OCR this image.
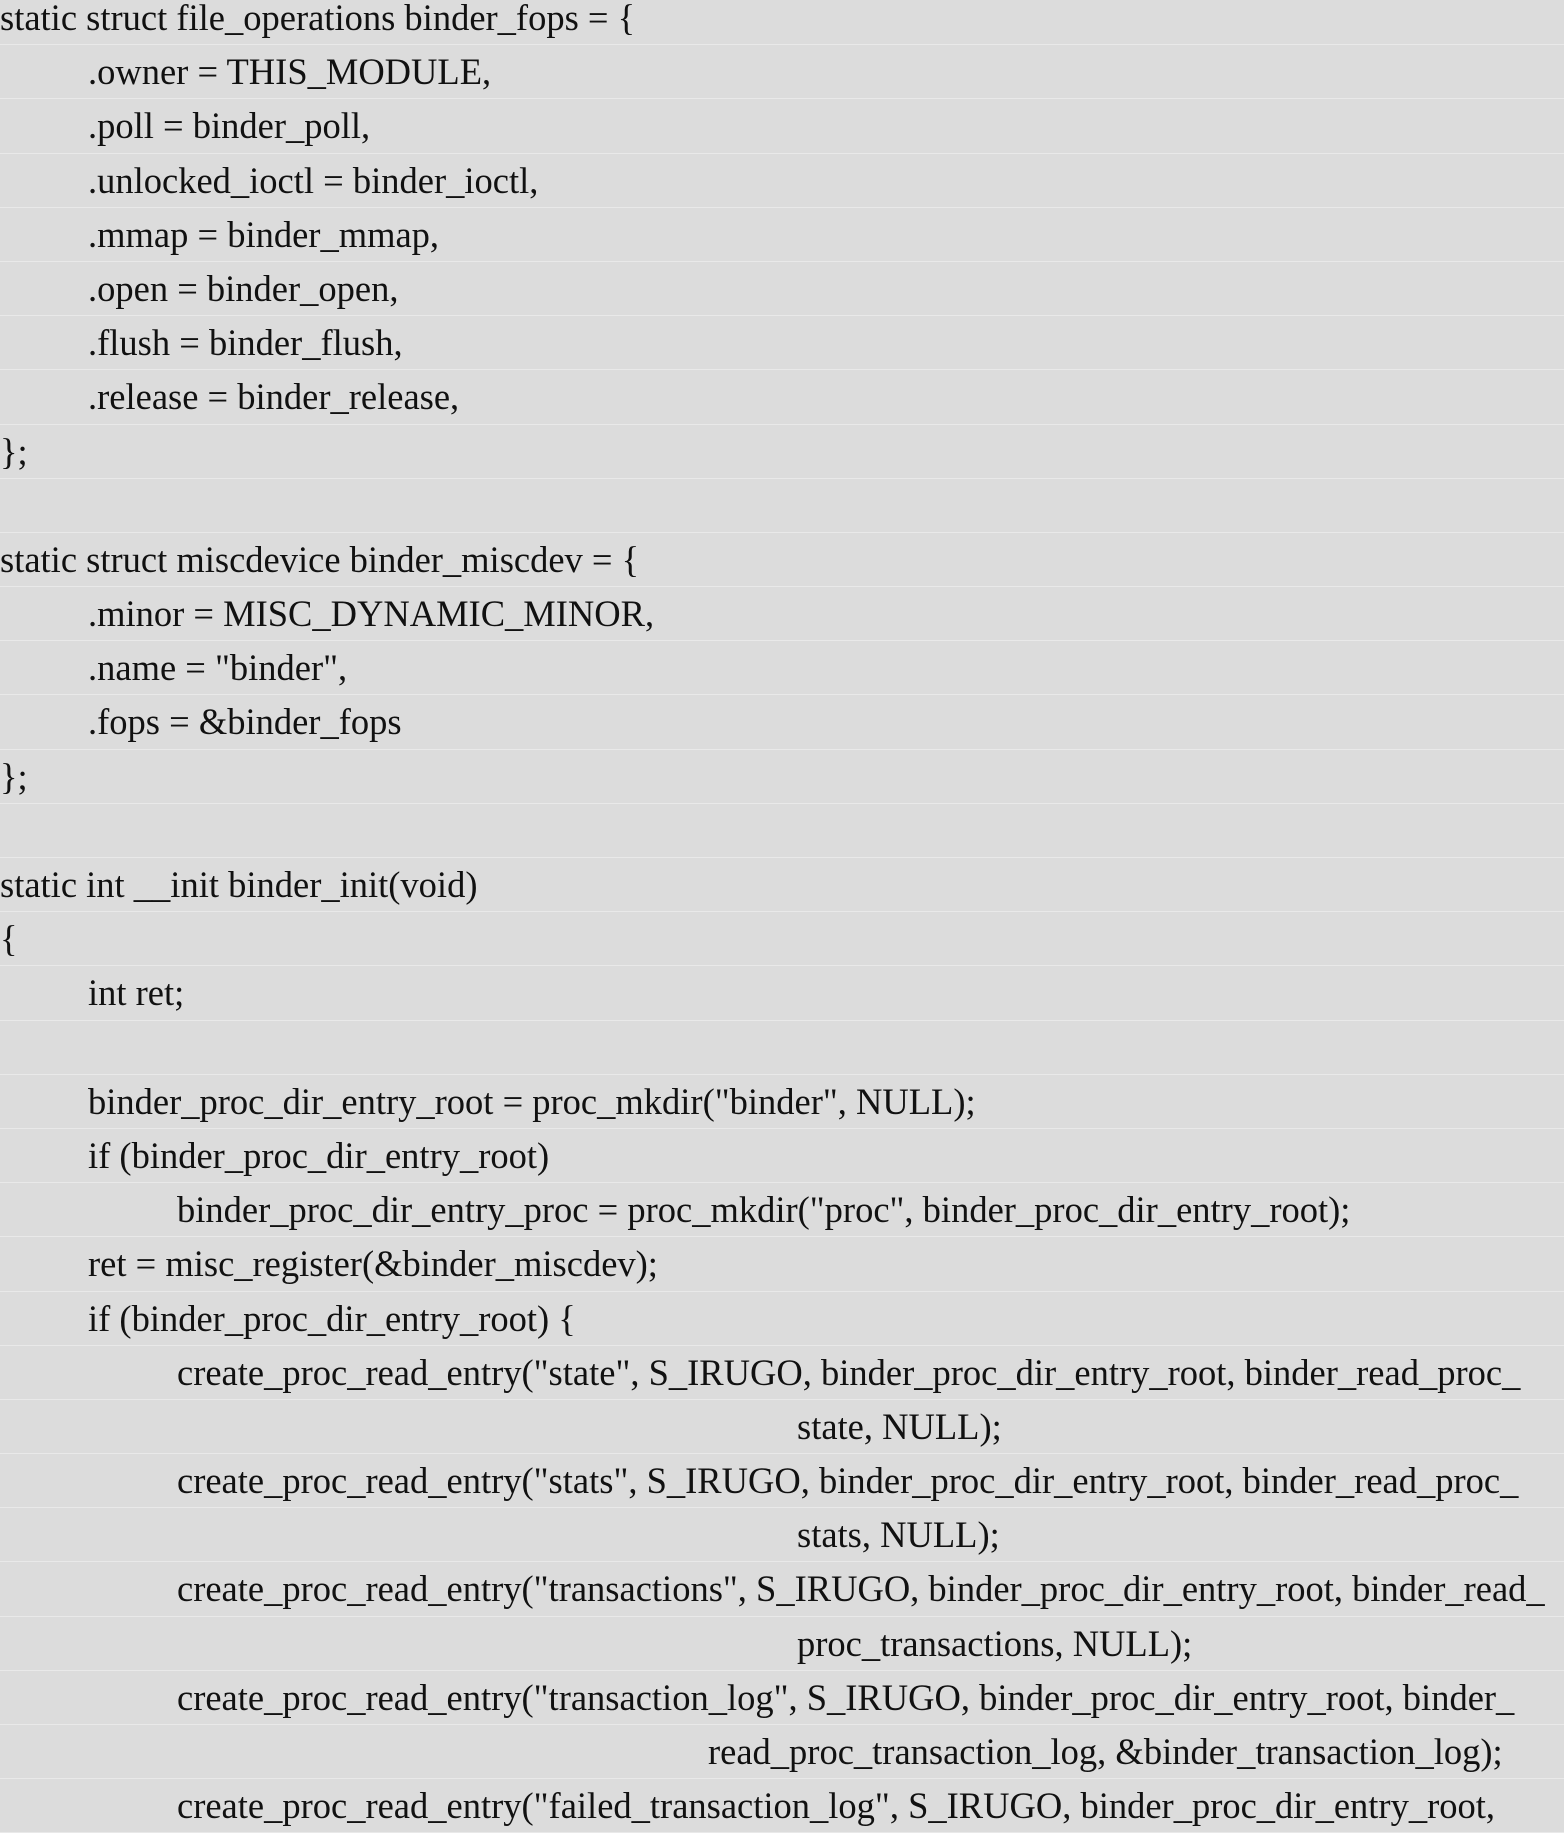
static struct file_operations binder_fops = {
.owner = THIS_MODULE,
.poll = binder_poll,
.unlocked_ioctl = binder_ioctl,
.mmap = binder_mmap,
.open = binder_open,
.flush = binder_flush,
.release = binder_release,
};
static struct miscdevice binder_miscdev = {
.minor = MISC_DYNAMIC_MINOR,
.name = "binder",
.fops = &binder_fops
};
static int __init binder_init(void)
{
int ret;
binder_proc_dir_entry_root = proc_mkdir("binder", NULL);
if (binder_proc_dir_entry_root)
binder_proc_dir_entry_proc = proc_mkdir("proc", binder_proc_dir_entry_root);
ret = misc_register(&binder_miscdev);
if (binder_proc_dir_entry_root) {
create_proc_read_entry("state", S_IRUGO, binder_proc_dir_entry_root, binder_read_proc_
state, NULL);
create_proc_read_entry("stats", S_IRUGO, binder_proc_dir_entry_root, binder_read_proc_
stats, NULL);
create_proc_read_entry("transactions", S_IRUGO, binder_proc_dir_entry_root, binder_read_
proc_transactions, NULL);
create_proc_read_entry("transaction_log", S_IRUGO, binder_proc_dir_entry_root, binder_
read_proc_transaction_log, &binder_transaction_log);
create_proc_read_entry("failed_transaction_log", S_IRUGO, binder_proc_dir_entry_root,
